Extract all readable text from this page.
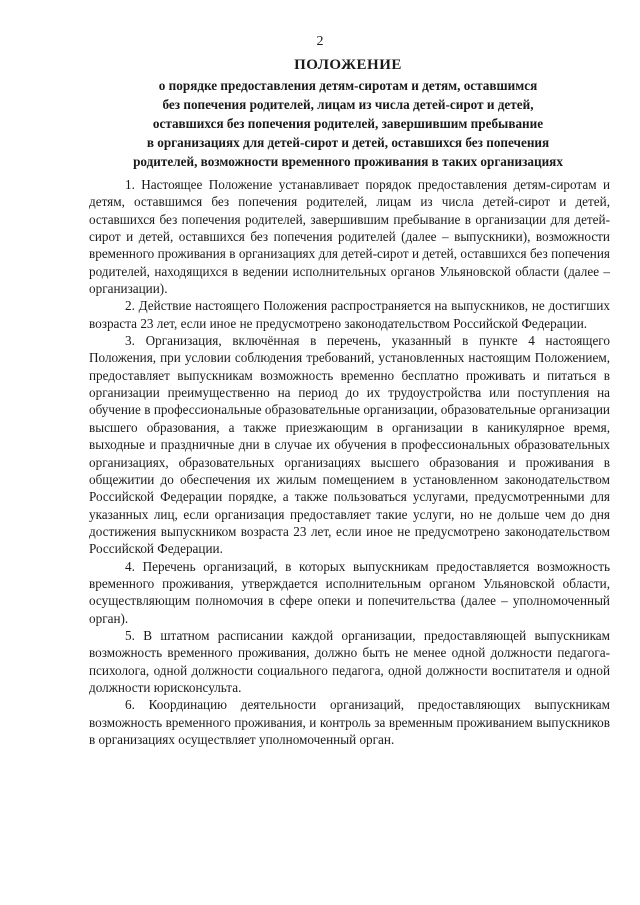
2
ПОЛОЖЕНИЕ
о порядке предоставления детям-сиротам и детям, оставшимся
без попечения родителей, лицам из числа детей-сирот и детей,
оставшихся без попечения родителей, завершившим пребывание
в организациях для детей-сирот и детей, оставшихся без попечения
родителей, возможности временного проживания в таких организациях

1. Настоящее Положение устанавливает порядок предоставления детям-сиротам и детям, оставшимся без попечения родителей, лицам из числа детей-сирот и детей, оставшихся без попечения родителей, завершившим пребывание в организации для детей-сирот и детей, оставшихся без попечения родителей (далее – выпускники), возможности временного проживания в организациях для детей-сирот и детей, оставшихся без попечения родителей, находящихся в ведении исполнительных органов Ульяновской области (далее – организации).

2. Действие настоящего Положения распространяется на выпускников, не достигших возраста 23 лет, если иное не предусмотрено законодательством Российской Федерации.

3. Организация, включённая в перечень, указанный в пункте 4 настоящего Положения, при условии соблюдения требований, установленных настоящим Положением, предоставляет выпускникам возможность временно бесплатно проживать и питаться в организации преимущественно на период до их трудоустройства или поступления на обучение в профессиональные образовательные организации, образовательные организации высшего образования, а также приезжающим в организации в каникулярное время, выходные и праздничные дни в случае их обучения в профессиональных образовательных организациях, образовательных организациях высшего образования и проживания в общежитии до обеспечения их жилым помещением в установленном законодательством Российской Федерации порядке, а также пользоваться услугами, предусмотренными для указанных лиц, если организация предоставляет такие услуги, но не дольше чем до дня достижения выпускником возраста 23 лет, если иное не предусмотрено законодательством Российской Федерации.

4. Перечень организаций, в которых выпускникам предоставляется возможность временного проживания, утверждается исполнительным органом Ульяновской области, осуществляющим полномочия в сфере опеки и попечительства (далее – уполномоченный орган).

5. В штатном расписании каждой организации, предоставляющей выпускникам возможность временного проживания, должно быть не менее одной должности педагога-психолога, одной должности социального педагога, одной должности воспитателя и одной должности юрисконсульта.

6. Координацию деятельности организаций, предоставляющих выпускникам возможность временного проживания, и контроль за временным проживанием выпускников в организациях осуществляет уполномоченный орган.
